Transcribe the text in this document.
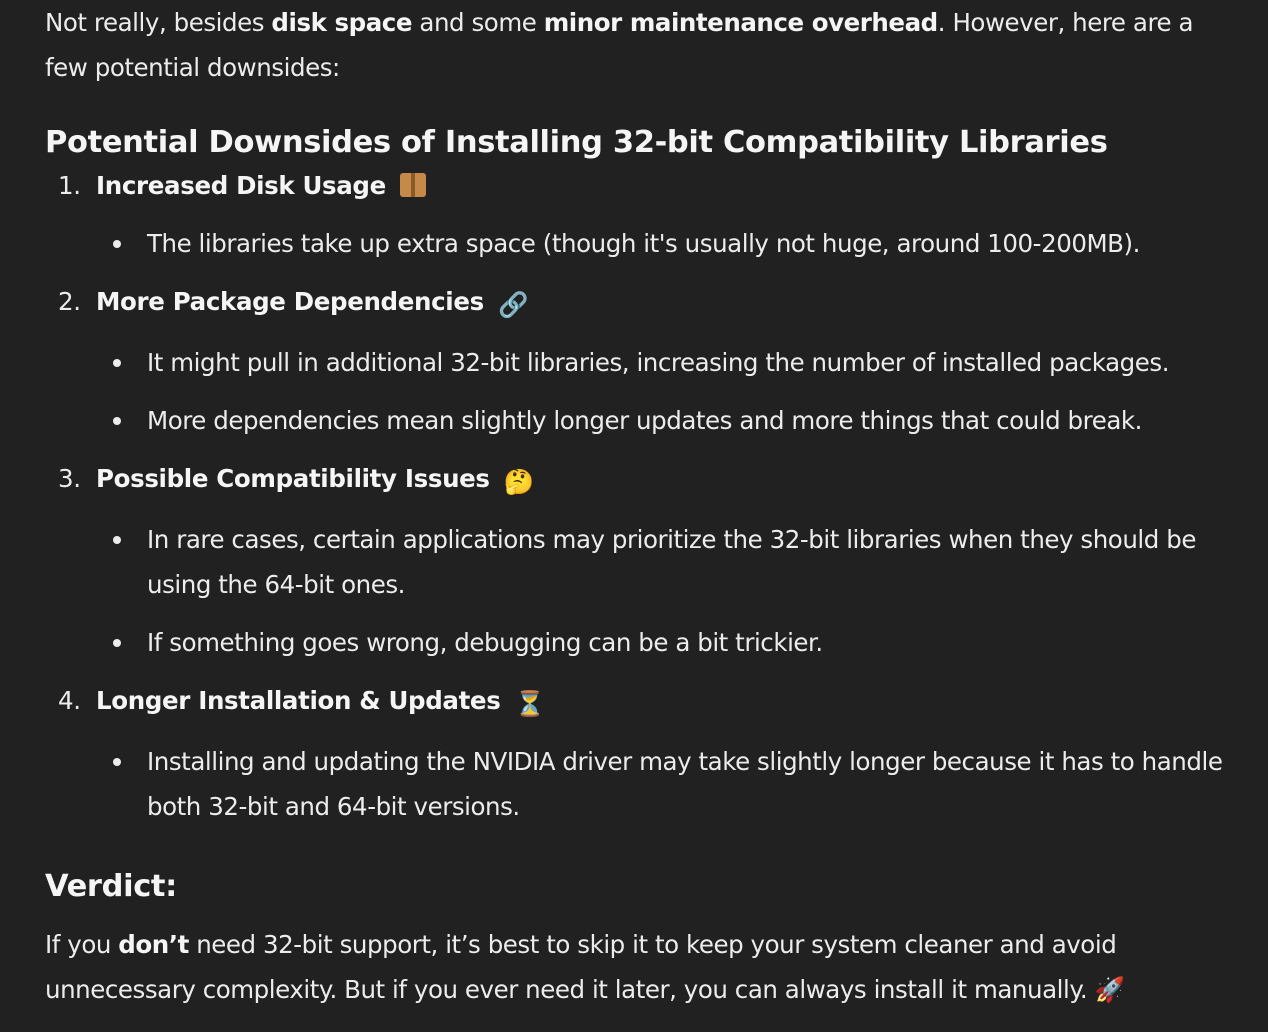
Not really, besides disk space and some minor maintenance overhead. However, here are a few potential downsides:

Potential Downsides of Installing 32-bit Compatibility Libraries
1. Increased Disk Usage
The libraries take up extra space (though it's usually not huge, around 100-200MB).
2. More Package Dependencies 🔗
It might pull in additional 32-bit libraries, increasing the number of installed packages.
More dependencies mean slightly longer updates and more things that could break.
3. Possible Compatibility Issues 🤔
In rare cases, certain applications may prioritize the 32-bit libraries when they should be using the 64-bit ones.
If something goes wrong, debugging can be a bit trickier.
4. Longer Installation & Updates ⏳
Installing and updating the NVIDIA driver may take slightly longer because it has to handle both 32-bit and 64-bit versions.
Verdict:

If you don’t need 32-bit support, it’s best to skip it to keep your system cleaner and avoid unnecessary complexity. But if you ever need it later, you can always install it manually. 🚀
